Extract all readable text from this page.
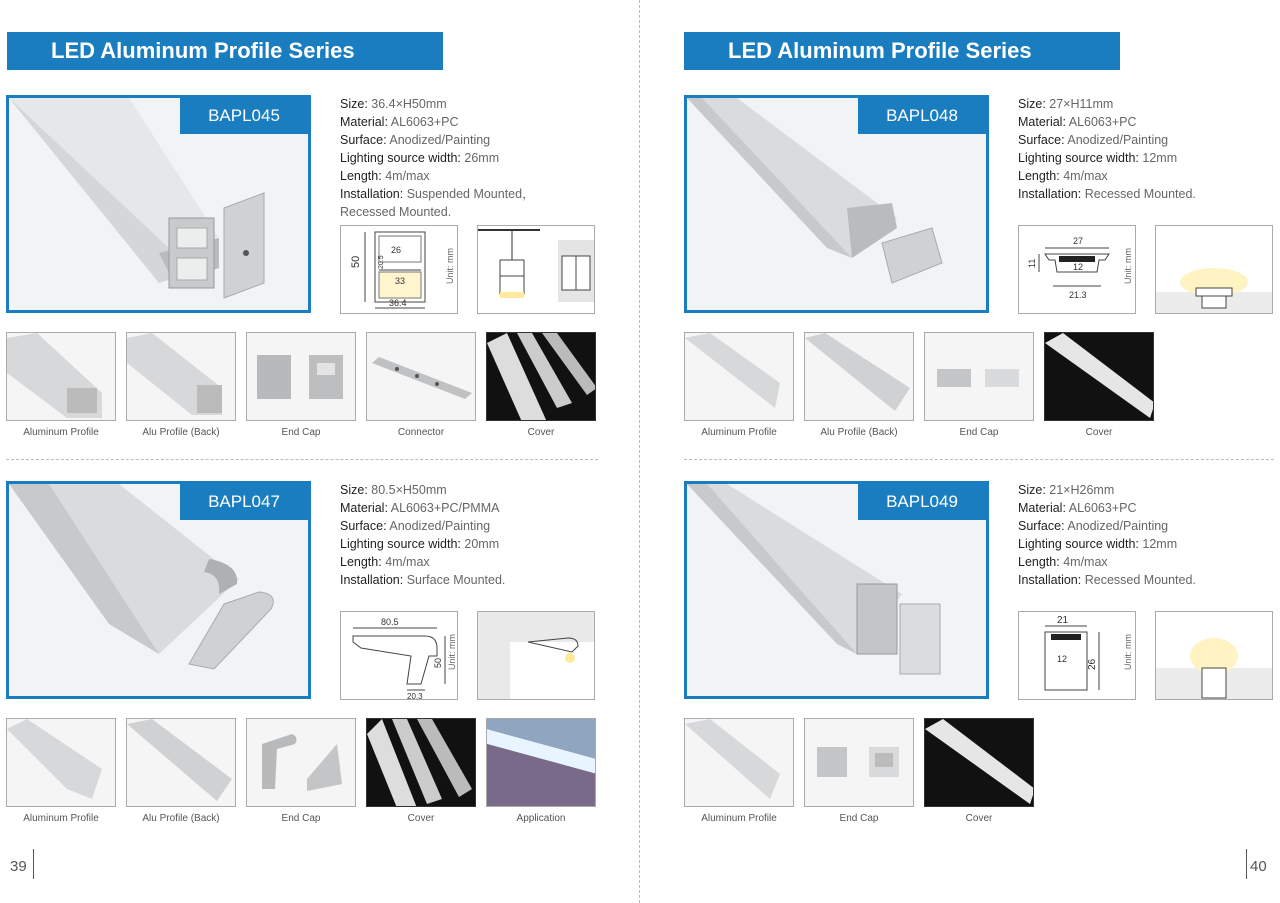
LED Aluminum Profile Series
BAPL045
Size: 36.4×H50mm
Material: AL6063+PC
Surface: Anodized/Painting
Lighting source width: 26mm
Length: 4m/max
Installation: Suspended Mounted，
Recessed Mounted.
26
50 20.5
33
36.4
Unit: mm
Aluminum Profile	Alu Profile (Back)	End Cap	Connector	Cover
BAPL047
Size: 80.5×H50mm
Material: AL6063+PC/PMMA
Surface: Anodized/Painting
Lighting source width: 20mm
Length: 4m/max
Installation: Surface Mounted.
80.5
50
20.3
Unit: mm
Aluminum Profile	Alu Profile (Back)	End Cap	Cover	Application
39
LED Aluminum Profile Series
BAPL048
Size: 27×H11mm
Material: AL6063+PC
Surface: Anodized/Painting
Lighting source width: 12mm
Length: 4m/max
Installation: Recessed Mounted.
27
11	12
21.3
Unit: mm
Aluminum Profile	Alu Profile (Back)	End Cap	Cover
BAPL049
Size: 21×H26mm
Material: AL6063+PC
Surface: Anodized/Painting
Lighting source width: 12mm
Length: 4m/max
Installation: Recessed Mounted.
21
12 26	Unit: mm
Aluminum Profile	End Cap	Cover
40
